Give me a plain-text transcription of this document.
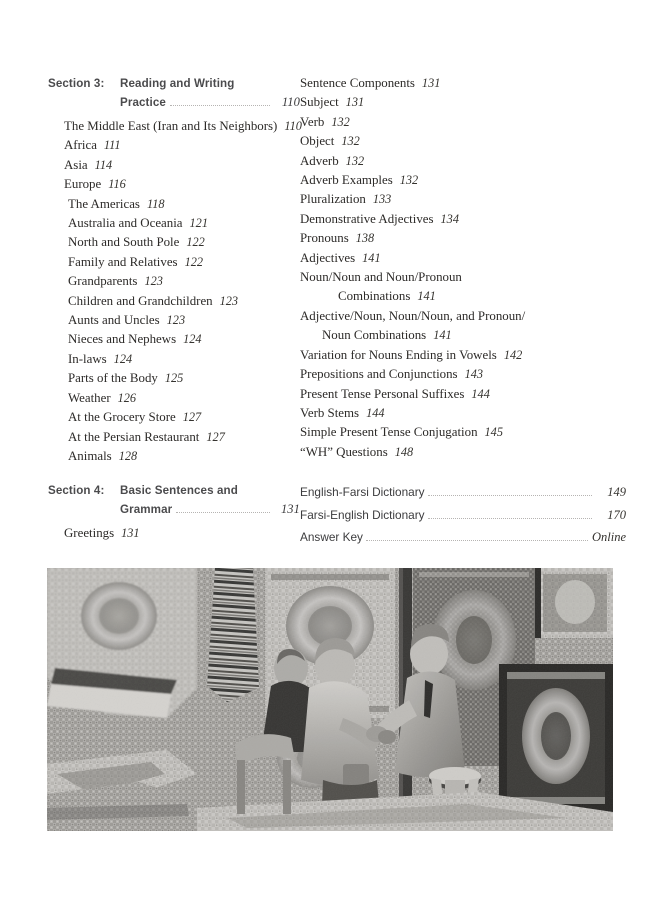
Section 3:	Reading and Writing
Practice	110
The Middle East (Iran and Its Neighbors) 110
Africa 111
Asia 114
Europe 116
The Americas 118
Australia and Oceania 121
North and South Pole 122
Family and Relatives 122
Grandparents 123
Children and Grandchildren 123
Aunts and Uncles 123
Nieces and Nephews 124
In-laws 124
Parts of the Body 125
Weather 126
At the Grocery Store 127
At the Persian Restaurant 127
Animals 128
Section 4:	Basic Sentences and
Grammar	131
Greetings 131
Sentence Components 131
Subject 131
Verb 132
Object 132
Adverb 132
Adverb Examples 132
Pluralization 133
Demonstrative Adjectives 134
Pronouns 138
Adjectives 141
Noun/Noun and Noun/Pronoun
Combinations 141
Adjective/Noun, Noun/Noun, and Pronoun/
Noun Combinations 141
Variation for Nouns Ending in Vowels 142
Prepositions and Conjunctions 143
Present Tense Personal Suffixes 144
Verb Stems 144
Simple Present Tense Conjugation 145
“WH” Questions 148
English-Farsi Dictionary	149
Farsi-English Dictionary	170
Answer Key	Online
